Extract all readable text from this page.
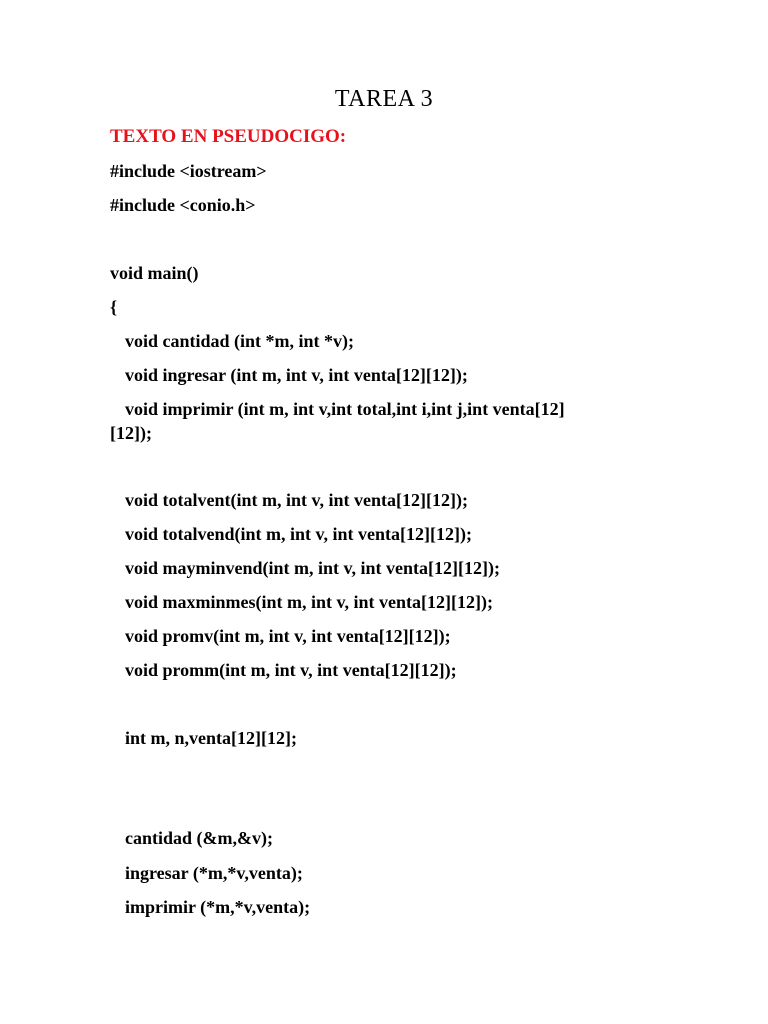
TAREA 3
TEXTO EN PSEUDOCIGO:
#include <iostream>
#include <conio.h>
void main()
{
void cantidad (int *m, int *v);
void ingresar (int m, int v, int venta[12][12]);
void imprimir (int m, int v,int total,int i,int j,int venta[12]
[12]);
void totalvent(int m, int v, int venta[12][12]);
void totalvend(int m, int v, int venta[12][12]);
void mayminvend(int m, int v, int venta[12][12]);
void maxminmes(int m, int v, int venta[12][12]);
void promv(int m, int v, int venta[12][12]);
void promm(int m, int v, int venta[12][12]);
int m, n,venta[12][12];
cantidad (&m,&v);
ingresar (*m,*v,venta);
imprimir (*m,*v,venta);
